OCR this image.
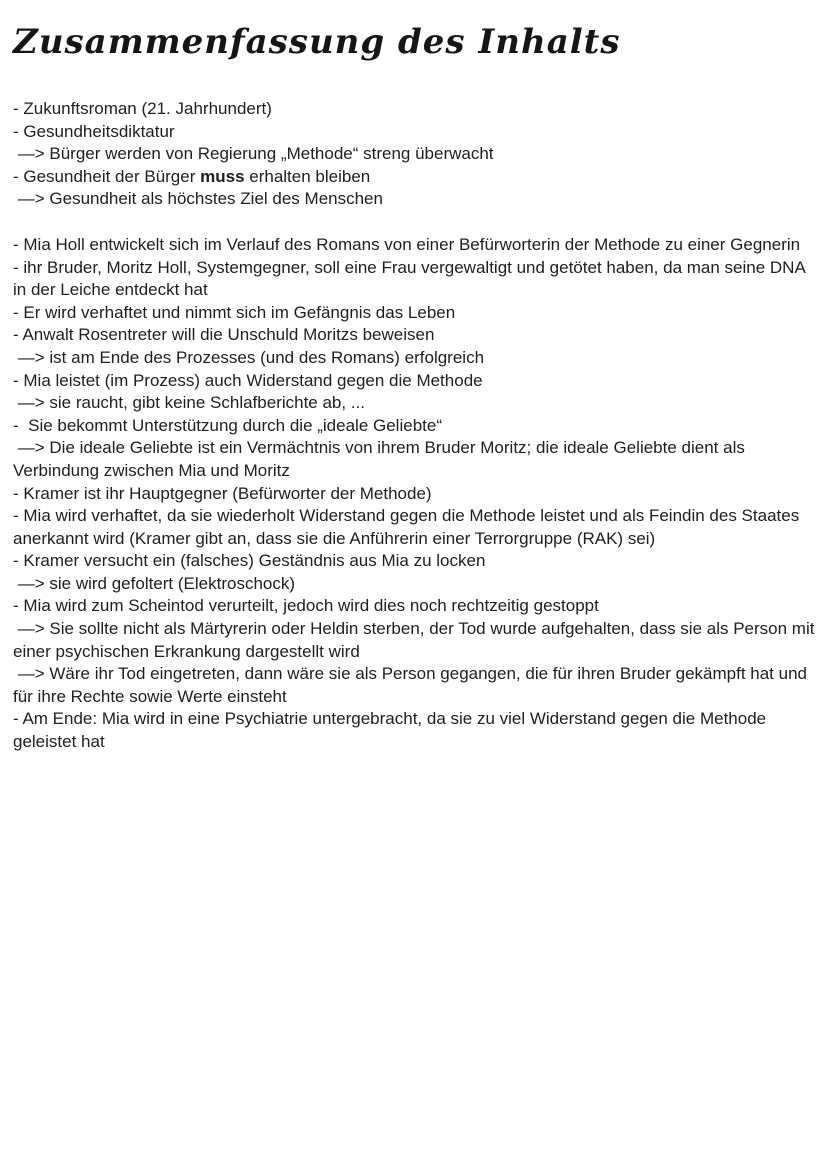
Zusammenfassung des Inhalts
- Zukunftsroman (21. Jahrhundert)
- Gesundheitsdiktatur
—> Bürger werden von Regierung „Methode“ streng überwacht
- Gesundheit der Bürger muss erhalten bleiben
—> Gesundheit als höchstes Ziel des Menschen
- Mia Holl entwickelt sich im Verlauf des Romans von einer Befürworterin der Methode zu einer Gegnerin
- ihr Bruder, Moritz Holl, Systemgegner, soll eine Frau vergewaltigt und getötet haben, da man seine DNA in der Leiche entdeckt hat
- Er wird verhaftet und nimmt sich im Gefängnis das Leben
- Anwalt Rosentreter will die Unschuld Moritzs beweisen
—> ist am Ende des Prozesses (und des Romans) erfolgreich
- Mia leistet (im Prozess) auch Widerstand gegen die Methode
—> sie raucht, gibt keine Schlafberichte ab, ...
-  Sie bekommt Unterstützung durch die „ideale Geliebte“
—> Die ideale Geliebte ist ein Vermächtnis von ihrem Bruder Moritz; die ideale Geliebte dient als Verbindung zwischen Mia und Moritz
- Kramer ist ihr Hauptgegner (Befürworter der Methode)
- Mia wird verhaftet, da sie wiederholt Widerstand gegen die Methode leistet und als Feindin des Staates anerkannt wird (Kramer gibt an, dass sie die Anführerin einer Terrorgruppe (RAK) sei)
- Kramer versucht ein (falsches) Geständnis aus Mia zu locken
—> sie wird gefoltert (Elektroschock)
- Mia wird zum Scheintod verurteilt, jedoch wird dies noch rechtzeitig gestoppt
—> Sie sollte nicht als Märtyrerin oder Heldin sterben, der Tod wurde aufgehalten, dass sie als Person mit einer psychischen Erkrankung dargestellt wird
—> Wäre ihr Tod eingetreten, dann wäre sie als Person gegangen, die für ihren Bruder gekämpft hat und für ihre Rechte sowie Werte einsteht
- Am Ende: Mia wird in eine Psychiatrie untergebracht, da sie zu viel Widerstand gegen die Methode geleistet hat
